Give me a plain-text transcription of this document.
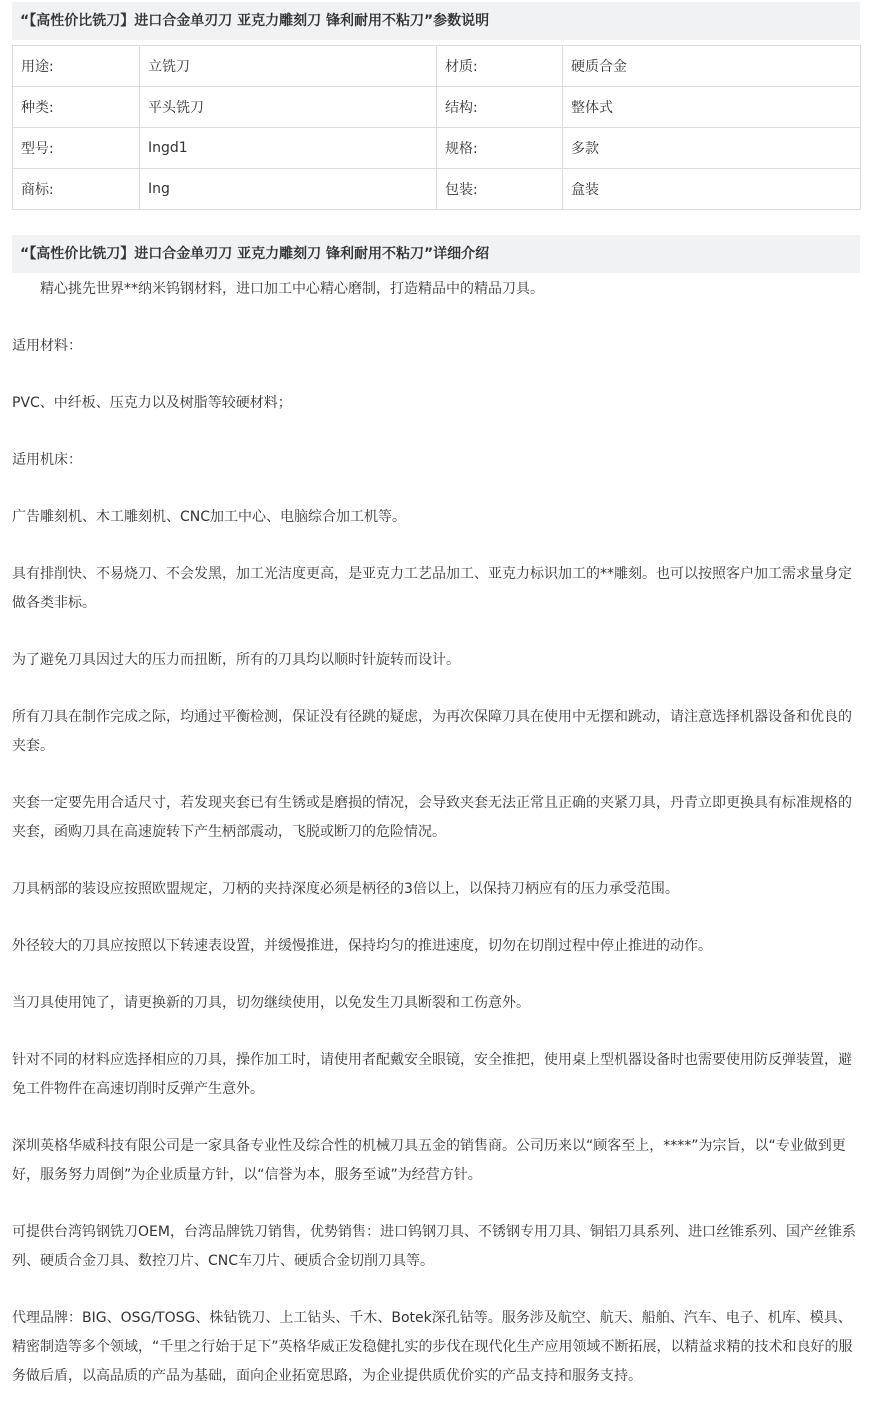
“【高性价比铣刀】进口合金单刃刀 亚克力雕刻刀 锋利耐用不粘刀”参数说明
用途:	立铣刀	材质:	硬质合金
种类:	平头铣刀	结构:	整体式
型号:	Ingd1	规格:	多款
商标:	Ing	包装:	盒装
“【高性价比铣刀】进口合金单刃刀 亚克力雕刻刀 锋利耐用不粘刀”详细介绍

精心挑先世界**纳米钨钢材料，进口加工中心精心磨制，打造精品中的精品刀具。

适用材料：

PVC、中纤板、压克力以及树脂等较硬材料；

适用机床：

广告雕刻机、木工雕刻机、CNC加工中心、电脑综合加工机等。

具有排削快、不易烧刀、不会发黑，加工光洁度更高，是亚克力工艺品加工、亚克力标识加工的**雕刻。也可以按照客户加工需求量身定做各类非标。

为了避免刀具因过大的压力而扭断，所有的刀具均以顺时针旋转而设计。

所有刀具在制作完成之际，均通过平衡检测，保证没有径跳的疑虑，为再次保障刀具在使用中无摆和跳动，请注意选择机器设备和优良的夹套。

夹套一定要先用合适尺寸，若发现夹套已有生锈或是磨损的情况，会导致夹套无法正常且正确的夹紧刀具，丹青立即更换具有标准规格的夹套，函购刀具在高速旋转下产生柄部震动，飞脱或断刀的危险情况。

刀具柄部的装设应按照欧盟规定，刀柄的夹持深度必须是柄径的3倍以上，以保持刀柄应有的压力承受范围。

外径较大的刀具应按照以下转速表设置，并缓慢推进，保持均匀的推进速度，切勿在切削过程中停止推进的动作。

当刀具使用饨了，请更换新的刀具，切勿继续使用，以免发生刀具断裂和工伤意外。

针对不同的材料应选择相应的刀具，操作加工时，请使用者配戴安全眼镜，安全推把，使用桌上型机器设备时也需要使用防反弹装置，避免工件物件在高速切削时反弹产生意外。

深圳英格华威科技有限公司是一家具备专业性及综合性的机械刀具五金的销售商。公司历来以“顾客至上，****”为宗旨，以“专业做到更好，服务努力周倒”为企业质量方针，以“信誉为本，服务至诚”为经营方针。

可提供台湾钨钢铣刀OEM，台湾品牌铣刀销售，优势销售：进口钨钢刀具、不锈钢专用刀具、铜铝刀具系列、进口丝锥系列、国产丝锥系列、硬质合金刀具、数控刀片、CNC车刀片、硬质合金切削刀具等。

代理品牌：BIG、OSG/TOSG、株钻铣刀、上工钻头、千木、Botek深孔钻等。服务涉及航空、航天、船舶、汽车、电子、机库、模具、精密制造等多个领域，“千里之行始于足下”英格华威正发稳健扎实的步伐在现代化生产应用领域不断拓展，以精益求精的技术和良好的服务做后盾，以高品质的产品为基础，面向企业拓宽思路，为企业提供质优价实的产品支持和服务支持。
